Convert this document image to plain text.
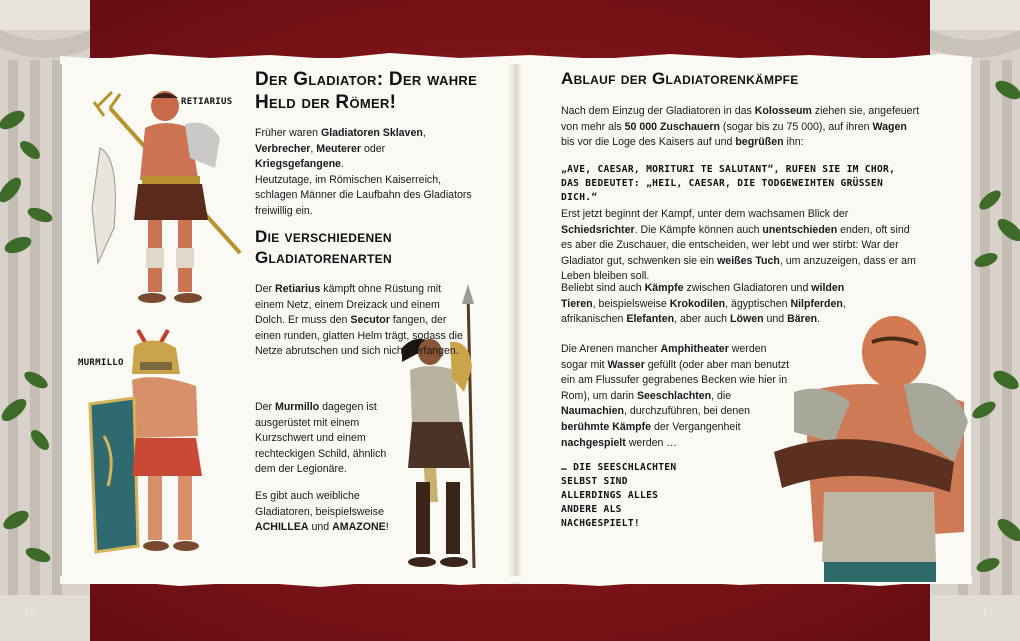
RETIARIUS
MURMILLO
Der Gladiator: Der wahre Held der Römer!

Früher waren Gladiatoren Sklaven,
Verbrecher, Meuterer oder
Kriegsgefangene.

Heutzutage, im Römischen Kaiserreich, schlagen Männer die Laufbahn des Gladiators freiwillig ein.

Die verschiedenen Gladiatorenarten

Der Retiarius kämpft ohne Rüstung mit einem Netz, einem Dreizack und einem Dolch. Er muss den Secutor fangen, der einen runden, glatten Helm trägt, sodass die Netze abrutschen und sich nicht verfangen.

Der Murmillo dagegen ist ausgerüstet mit einem Kurzschwert und einem rechteckigen Schild, ähnlich dem der Legionäre.

Es gibt auch weibliche Gladiatoren, beispielsweise ACHILLEA und AMAZONE!

Ablauf der Gladiatorenkämpfe

Nach dem Einzug der Gladiatoren in das Kolosseum ziehen sie, angefeuert von mehr als 50 000 Zuschauern (sogar bis zu 75 000), auf ihren Wagen bis vor die Loge des Kaisers auf und begrüßen ihn:

„AVE, CAESAR, MORITURI TE SALUTANT“, RUFEN SIE IM CHOR, DAS BEDEUTET: „HEIL, CAESAR, DIE TODGEWEIHTEN GRÜSSEN DICH.“

Erst jetzt beginnt der Kampf, unter dem wachsamen Blick der Schiedsrichter. Die Kämpfe können auch unentschieden enden, oft sind es aber die Zuschauer, die entscheiden, wer lebt und wer stirbt: War der Gladiator gut, schwenken sie ein weißes Tuch, um anzuzeigen, dass er am Leben bleiben soll.

Beliebt sind auch Kämpfe zwischen Gladiatoren und wilden Tieren, beispielsweise Krokodilen, ägyptischen Nilpferden, afrikanischen Elefanten, aber auch Löwen und Bären.

Die Arenen mancher Amphitheater werden sogar mit Wasser gefüllt (oder aber man benutzt ein am Flussufer gegrabenes Becken wie hier in Rom), um darin Seeschlachten, die Naumachien, durchzuführen, bei denen berühmte Kämpfe der Vergangenheit nachgespielt werden …

… DIE SEESCHLACHTEN SELBST SIND ALLERDINGS ALLES ANDERE ALS NACHGESPIELT!
16	17
